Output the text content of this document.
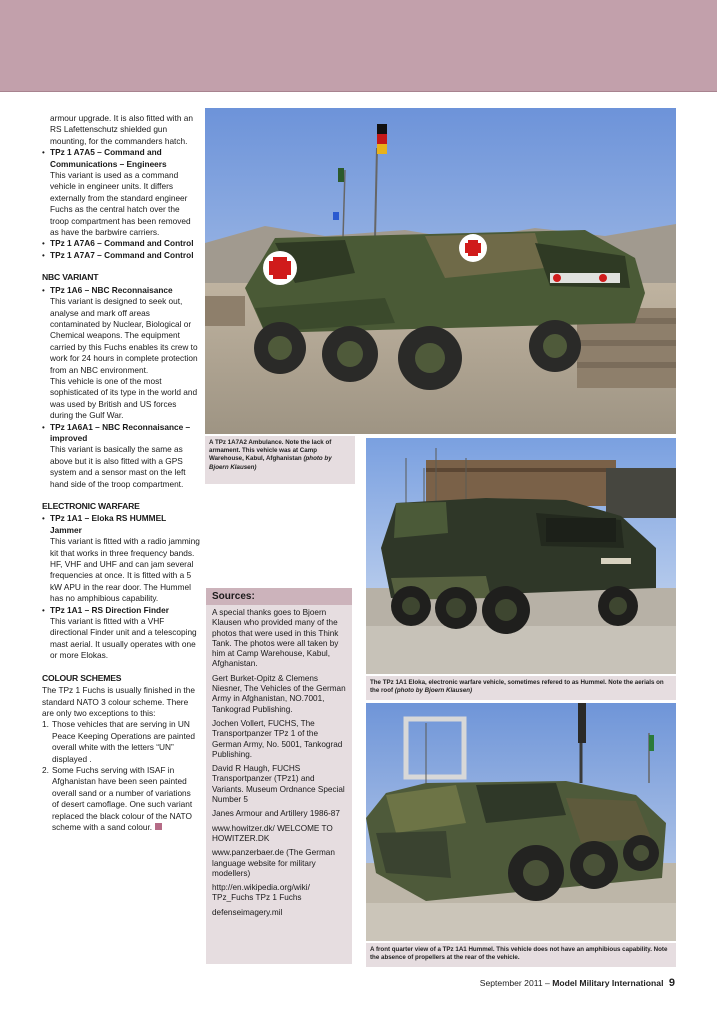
armour upgrade. It is also fitted with an RS Lafettenschutz shielded gun mounting, for the commanders hatch.

• TPz 1 A7A5 – Command and Communications – Engineers
This variant is used as a command vehicle in engineer units. It differs externally from the standard engineer Fuchs as the central hatch over the troop compartment has been removed as have the barbwire carriers.
• TPz 1 A7A6 – Command and Control
• TPz 1 A7A7 – Command and Control
NBC VARIANT
• TPz 1A6 – NBC Reconnaisance
This variant is designed to seek out, analyse and mark off areas contaminated by Nuclear, Biological or Chemical weapons. The equipment carried by this Fuchs enables its crew to work for 24 hours in complete protection from an NBC environment.
This vehicle is one of the most sophisticated of its type in the world and was used by British and US forces during the Gulf War.
• TPz 1A6A1 – NBC Reconnaisance – improved
This variant is basically the same as above but it is also fitted with a GPS system and a sensor mast on the left hand side of the troop compartment.
ELECTRONIC WARFARE
• TPz 1A1 – Eloka RS HUMMEL Jammer
This variant is fitted with a radio jamming kit that works in three frequency bands. HF, VHF and UHF and can jam several frequencies at once. It is fitted with a 5 kW APU in the rear door. The Hummel has no amphibious capability.
• TPz 1A1 – RS Direction Finder
This variant is fitted with a VHF directional Finder unit and a telescoping mast aerial. It usually operates with one or more Elokas.
COLOUR SCHEMES

The TPz 1 Fuchs is usually finished in the standard NATO 3 colour scheme. There are only two exceptions to this:

1. Those vehicles that are serving in UN Peace Keeping Operations are painted overall white with the letters “UN” displayed .
2. Some Fuchs serving with ISAF in Afghanistan have been seen painted overall sand or a number of variations of desert camoflage. One such variant replaced the black colour of the NATO scheme with a sand colour.
A TPz 1A7A2 Ambulance. Note the lack of armament. This vehicle was at Camp Warehouse, Kabul, Afghanistan (photo by Bjoern Klausen)
The TPz 1A1 Eloka, electronic warfare vehicle, sometimes refered to as Hummel. Note the aerials on the roof (photo by Bjoern Klausen)
A front quarter view of a TPz 1A1 Hummel. This vehicle does not have an amphibious capability. Note the absence of propellers at the rear of the vehicle.
Sources:

A special thanks goes to Bjoern Klausen who provided many of the photos that were used in this Think Tank. The photos were all taken by him at Camp Warehouse, Kabul, Afghanistan.

Gert Burket-Opitz & Clemens Niesner, The Vehicles of the German Army in Afghanistan, NO.7001, Tankograd Publishing.

Jochen Vollert, FUCHS, The Transportpanzer TPz 1 of the German Army, No. 5001, Tankograd Publishing.

David R Haugh, FUCHS Transportpanzer (TPz1) and Variants. Museum Ordnance Special Number 5

Janes Armour and Artillery 1986-87

www.howitzer.dk/ WELCOME TO HOWITZER.DK

www.panzerbaer.de (The German language website for military modellers)

http://en.wikipedia.org/wiki/ TPz_Fuchs TPz 1 Fuchs

defenseimagery.mil

September 2011 – Model Military International 9
